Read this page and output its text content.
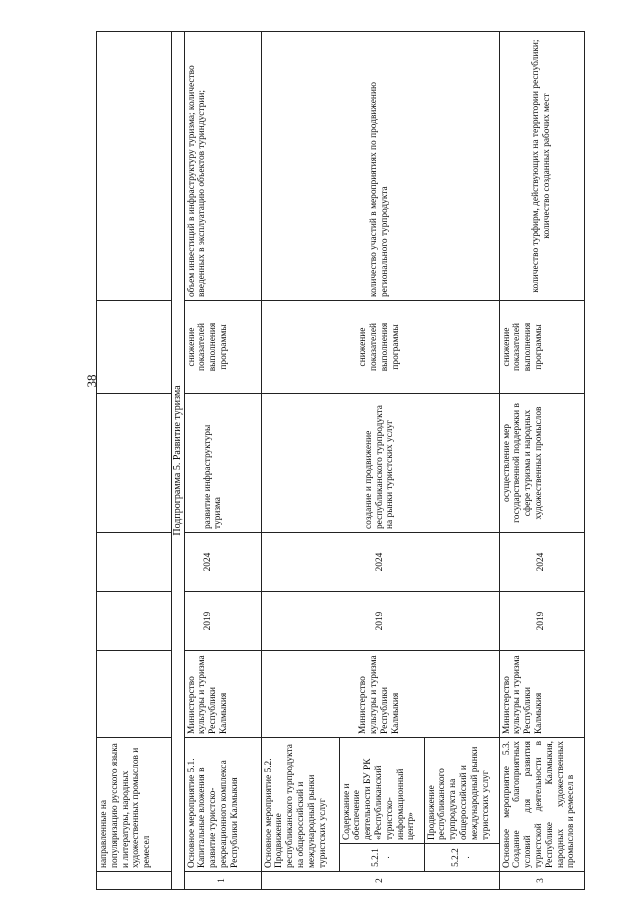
38
	направленные на популяризацию русского языка и литературы, народных художественных промыслов и ремесел							
Подпрограмма 5. Развитие туризма								
1	Основное мероприятие 5.1. Капитальные вложения в развитие туристско-рекреационного комплекса Республики Калмыкия		Министерство культуры и туризма Республики Калмыкия	2019	2024	развитие инфраструктуры туризма	снижение показателей выполнения программы	объем инвестиций в инфраструктуру туризма; количество введенных в эксплуатацию объектов туриндустрии;
2	Основное мероприятие 5.2. Продвижение республиканского турпродукта на общероссийский и международный рынки туристских услуг		Министерство культуры и туризма Республики Калмыкия	2019	2024	создание и продвижение республиканского турпродукта на рынки туристских услуг	снижение показателей выполнения программы	количество участий в мероприятиях по продвижению регионального турпродукта
	5.2.1.	Содержание и обеспечение деятельности БУ РК «Республиканский туристско-информационный центр»						
	5.2.2.	Продвижение республиканского турпродукта на общероссийский и международный рынки туристских услуг						
3	Основное мероприятие 5.3. Создание благоприятных условий для развития туристской деятельности в Республике Калмыкия, народных художественных промыслов и ремесел в		Министерство культуры и туризма Республики Калмыкия	2019	2024	осуществление мер государственной поддержки в сфере туризма и народных художественных промыслов	снижение показателей выполнения программы	количество турфирм, действующих на территории республики; количество созданных рабочих мест
